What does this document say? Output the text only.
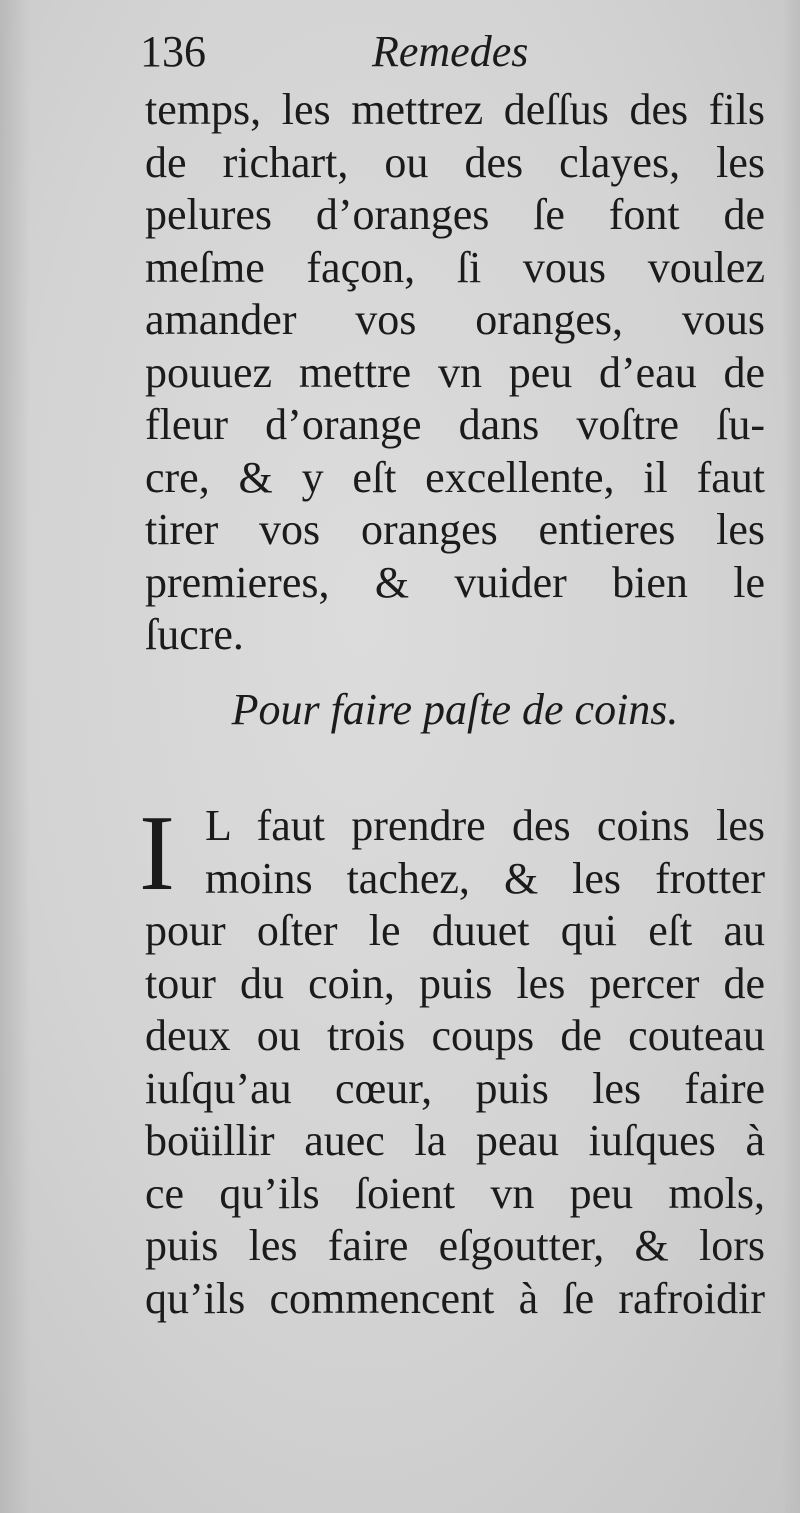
136	Remedes
temps, les mettrez deſſus des fils
de richart, ou des clayes, les
pelures d’oranges ſe font de
meſme façon, ſi vous voulez
amander vos oranges, vous
pouuez mettre vn peu d’eau de
fleur d’orange dans voſtre ſu-
cre, & y eſt excellente, il faut
tirer vos oranges entieres les
premieres, & vuider bien le
ſucre.
Pour faire paſte de coins.
I L faut prendre des coins les
moins tachez, & les frotter
pour oſter le duuet qui eſt au
tour du coin, puis les percer de
deux ou trois coups de couteau
iuſqu’au cœur, puis les faire
boüillir auec la peau iuſques à
ce qu’ils ſoient vn peu mols,
puis les faire eſgoutter, & lors
qu’ils commencent à ſe rafroidir
